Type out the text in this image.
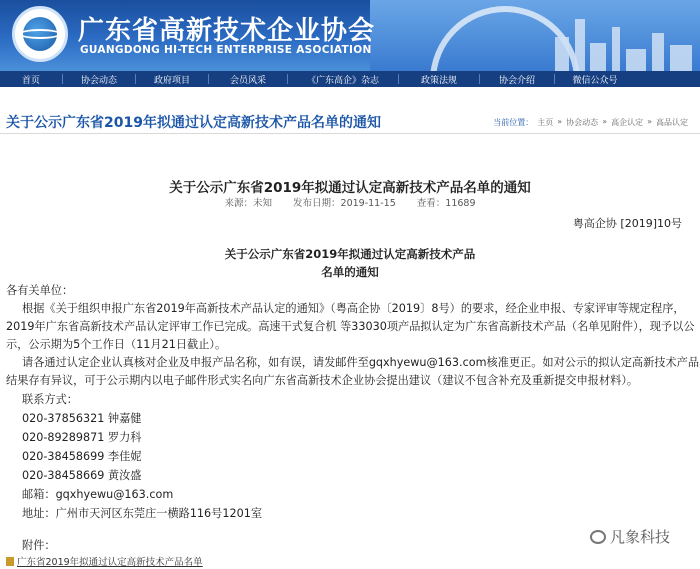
广东省高新技术企业协会
GUANGDONG HI-TECH ENTERPRISE ASOCIATION
首页	协会动态	政府项目	会员风采	《广东高企》杂志	政策法规	协会介绍	微信公众号
关于公示广东省2019年拟通过认定高新技术产品名单的通知	当前位置： 主页 » 协会动态 » 高企认定 » 高品认定
关于公示广东省2019年拟通过认定高新技术产品名单的通知
来源：未知 发布日期：2019-11-15 查看：11689
粤高企协 [2019]10号
关于公示广东省2019年拟通过认定高新技术产品
名单的通知
各有关单位：
根据《关于组织申报广东省2019年高新技术产品认定的通知》（粤高企协〔2019〕8号）的要求，经企业申报、专家评审等规定程序，
2019年广东省高新技术产品认定评审工作已完成。高速干式复合机 等33030项产品拟认定为广东省高新技术产品（名单见附件），现予以公
示，公示期为5个工作日（11月21日截止）。
请各通过认定企业认真核对企业及申报产品名称，如有误，请发邮件至gqxhyewu@163.com核准更正。如对公示的拟认定高新技术产品
结果存有异议，可于公示期内以电子邮件形式实名向广东省高新技术企业协会提出建议（建议不包含补充及重新提交申报材料）。
联系方式：
020-37856321 钟嘉健
020-89289871 罗力科
020-38458699 李佳妮
020-38458669 黄汝盛
邮箱：gqxhyewu@163.com
地址：广州市天河区东莞庄一横路116号1201室
附件：
广东省2019年拟通过认定高新技术产品名单
凡象科技
